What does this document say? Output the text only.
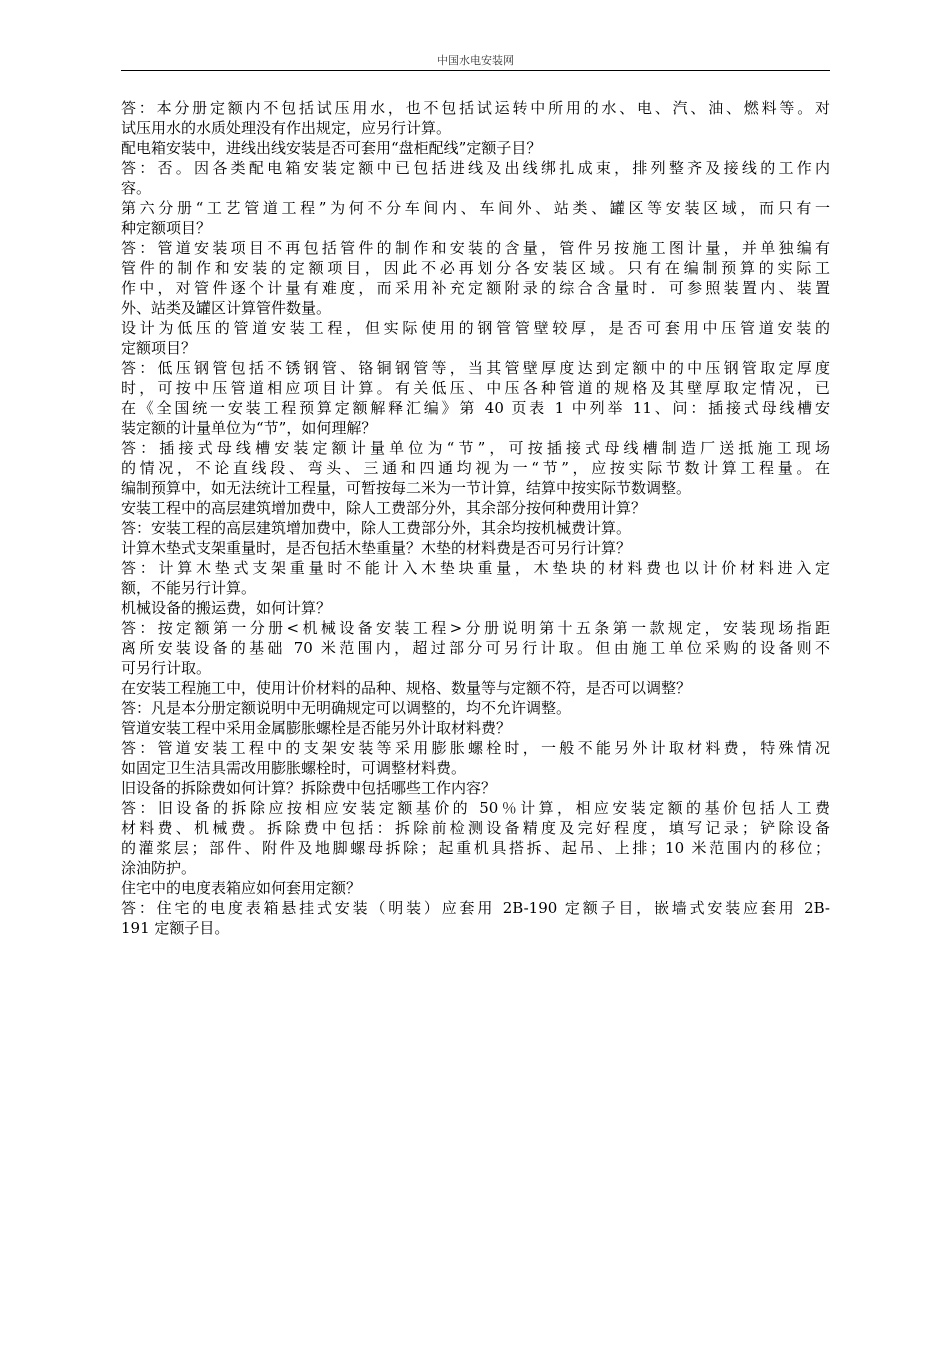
中国水电安装网
答：本分册定额内不包括试压用水，也不包括试运转中所用的水、电、汽、油、燃料等。对
试压用水的水质处理没有作出规定，应另行计算。
配电箱安装中，进线出线安装是否可套用“盘柜配线”定额子目？
答：否。因各类配电箱安装定额中已包括进线及出线绑扎成束，排列整齐及接线的工作内
容。
第六分册“工艺管道工程”为何不分车间内、车间外、站类、罐区等安装区域，而只有一
种定额项目？
答：管道安装项目不再包括管件的制作和安装的含量，管件另按施工图计量，并单独编有
管件的制作和安装的定额项目，因此不必再划分各安装区域。只有在编制预算的实际工
作中，对管件逐个计量有难度，而采用补充定额附录的综合含量时．可参照装置内、装置
外、站类及罐区计算管件数量。
设计为低压的管道安装工程，但实际使用的钢管管壁较厚，是否可套用中压管道安装的
定额项目？
答：低压钢管包括不锈钢管、铬铜钢管等，当其管壁厚度达到定额中的中压钢管取定厚度
时，可按中压管道相应项目计算。有关低压、中压各种管道的规格及其壁厚取定情况，已
在《全国统一安装工程预算定额解释汇编》第 40 页表 1 中列举 11、问：插接式母线槽安
装定额的计量单位为“节”，如何理解？
答：插接式母线槽安装定额计量单位为“节”，可按插接式母线槽制造厂送抵施工现场
的情况，不论直线段、弯头、三通和四通均视为一“节”，应按实际节数计算工程量。在
编制预算中，如无法统计工程量，可暂按每二米为一节计算，结算中按实际节数调整。
安装工程中的高层建筑增加费中，除人工费部分外，其余部分按何种费用计算？
答：安装工程的高层建筑增加费中，除人工费部分外，其余均按机械费计算。
计算木垫式支架重量时，是否包括木垫重量？木垫的材料费是否可另行计算？
答：计算木垫式支架重量时不能计入木垫块重量，木垫块的材料费也以计价材料进入定
额，不能另行计算。
机械设备的搬运费，如何计算？
答：按定额第一分册<机械设备安装工程>分册说明第十五条第一款规定，安装现场指距
离所安装设备的基础 70 米范围内，超过部分可另行计取。但由施工单位采购的设备则不
可另行计取。
在安装工程施工中，使用计价材料的品种、规格、数量等与定额不符，是否可以调整？
答：凡是本分册定额说明中无明确规定可以调整的，均不允许调整。
管道安装工程中采用金属膨胀螺栓是否能另外计取材料费？
答：管道安装工程中的支架安装等采用膨胀螺栓时，一般不能另外计取材料费，特殊情况
如固定卫生洁具需改用膨胀螺栓时，可调整材料费。
旧设备的拆除费如何计算？拆除费中包括哪些工作内容？
答：旧设备的拆除应按相应安装定额基价的 50％计算，相应安装定额的基价包括人工费
材料费、机械费。拆除费中包括：拆除前检测设备精度及完好程度，填写记录；铲除设备
的灌浆层；部件、附件及地脚螺母拆除；起重机具搭拆、起吊、上排；10 米范围内的移位；
涂油防护。
住宅中的电度表箱应如何套用定额？
答：住宅的电度表箱悬挂式安装（明装）应套用 2B-190 定额子目，嵌墙式安装应套用 2B-
191 定额子目。
